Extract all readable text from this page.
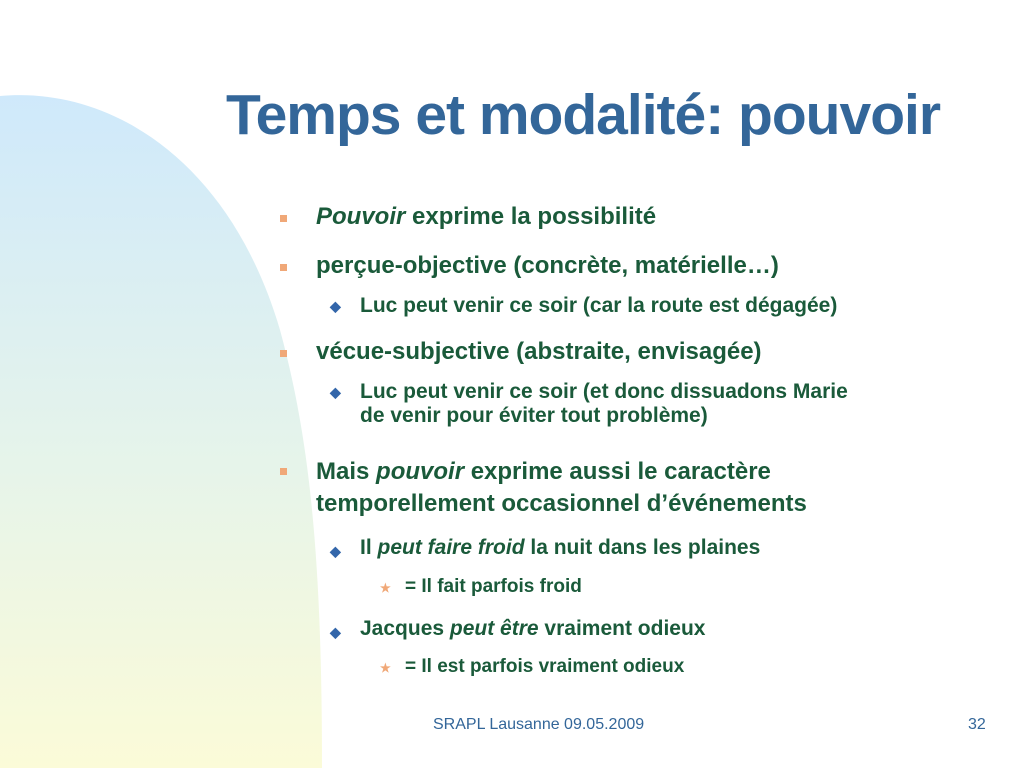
Temps et modalité: pouvoir
Pouvoir exprime la possibilité
perçue-objective (concrète, matérielle…)
◆ Luc peut venir ce soir (car la route est dégagée)
vécue-subjective (abstraite, envisagée)
◆ Luc peut venir ce soir (et donc dissuadons Marie
de venir pour éviter tout problème)
Mais pouvoir exprime aussi le caractère
temporellement occasionnel d’événements
◆ Il peut faire froid la nuit dans les plaines
★ = Il fait parfois froid
◆ Jacques peut être vraiment odieux
★ = Il est parfois vraiment odieux
SRAPL Lausanne 09.05.2009	32
